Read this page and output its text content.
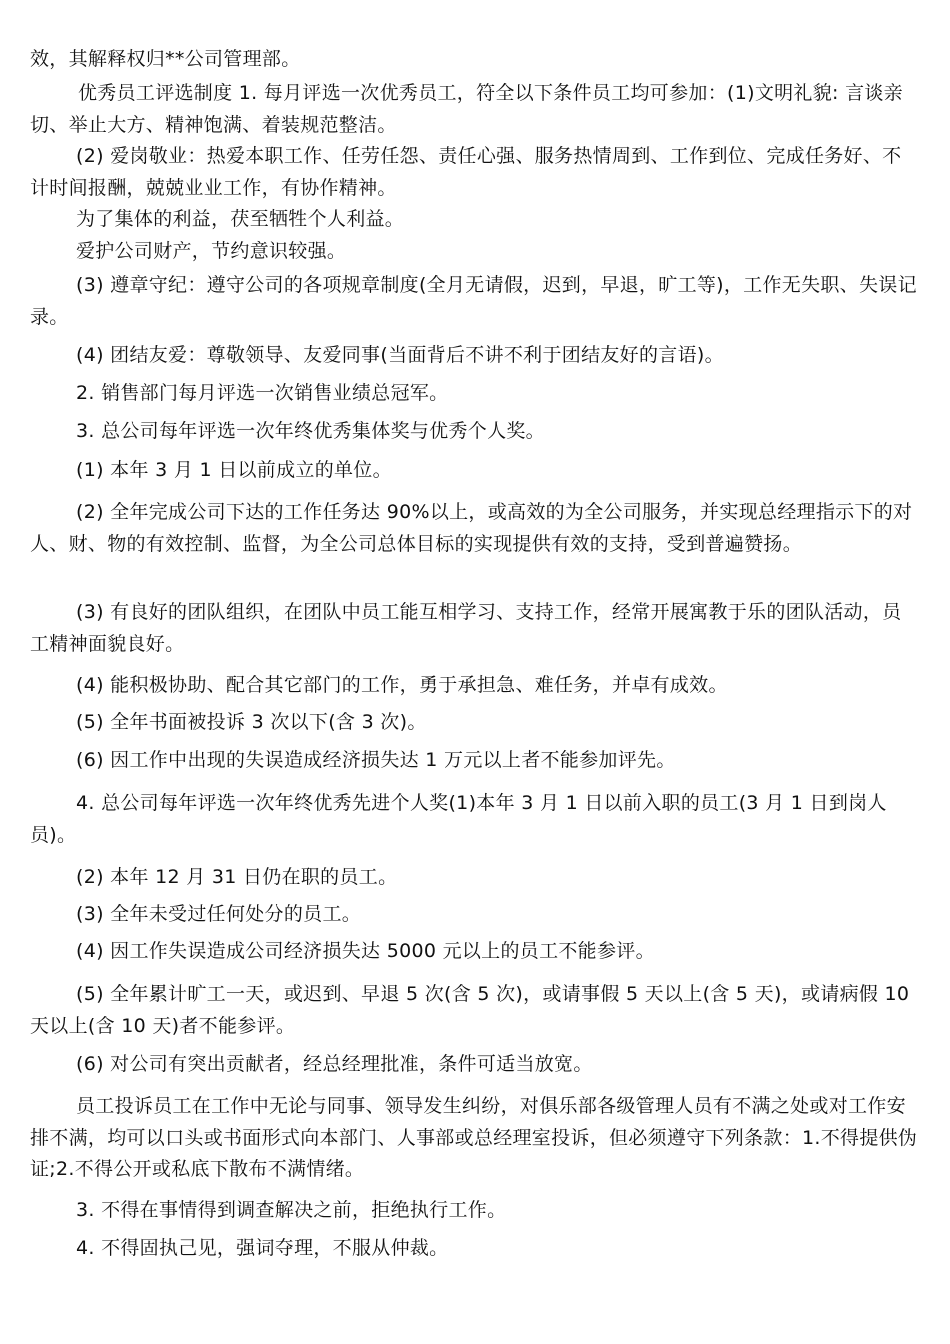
效，其解释权归**公司管理部。

优秀员工评选制度 1. 每月评选一次优秀员工，符全以下条件员工均可参加：(1)文明礼貌: 言谈亲切、举止大方、精神饱满、着装规范整洁。

(2) 爱岗敬业：热爱本职工作、任劳任怨、责任心强、服务热情周到、工作到位、完成任务好、不计时间报酬，兢兢业业工作，有协作精神。

为了集体的利益，茯至牺牲个人利益。

爱护公司财产，节约意识较强。

(3) 遵章守纪：遵守公司的各项规章制度(全月无请假，迟到，早退，旷工等)，工作无失职、失误记录。

(4) 团结友爱：尊敬领导、友爱同事(当面背后不讲不利于团结友好的言语)。

2. 销售部门每月评选一次销售业绩总冠军。

3. 总公司每年评选一次年终优秀集体奖与优秀个人奖。

(1) 本年 3 月 1 日以前成立的单位。

(2) 全年完成公司下达的工作任务达 90%以上，或高效的为全公司服务，并实现总经理指示下的对人、财、物的有效控制、监督，为全公司总体目标的实现提供有效的支持，受到普遍赞扬。

(3) 有良好的团队组织，在团队中员工能互相学习、支持工作，经常开展寓教于乐的团队活动，员工精神面貌良好。

(4) 能积极协助、配合其它部门的工作，勇于承担急、难任务，并卓有成效。

(5) 全年书面被投诉 3 次以下(含 3 次)。

(6) 因工作中出现的失误造成经济损失达 1 万元以上者不能参加评先。

4. 总公司每年评选一次年终优秀先进个人奖(1)本年 3 月 1 日以前入职的员工(3 月 1 日到岗人员)。

(2) 本年 12 月 31 日仍在职的员工。

(3) 全年未受过任何处分的员工。

(4) 因工作失误造成公司经济损失达 5000 元以上的员工不能参评。

(5) 全年累计旷工一天，或迟到、早退 5 次(含 5 次)，或请事假 5 天以上(含 5 天)，或请病假 10 天以上(含 10 天)者不能参评。

(6) 对公司有突出贡献者，经总经理批准，条件可适当放宽。

员工投诉员工在工作中无论与同事、领导发生纠纷，对俱乐部各级管理人员有不满之处或对工作安排不满，均可以口头或书面形式向本部门、人事部或总经理室投诉，但必须遵守下列条款：1.不得提供伪证;2.不得公开或私底下散布不满情绪。

3. 不得在事情得到调查解决之前，拒绝执行工作。

4. 不得固执己见，强词夺理，不服从仲裁。
